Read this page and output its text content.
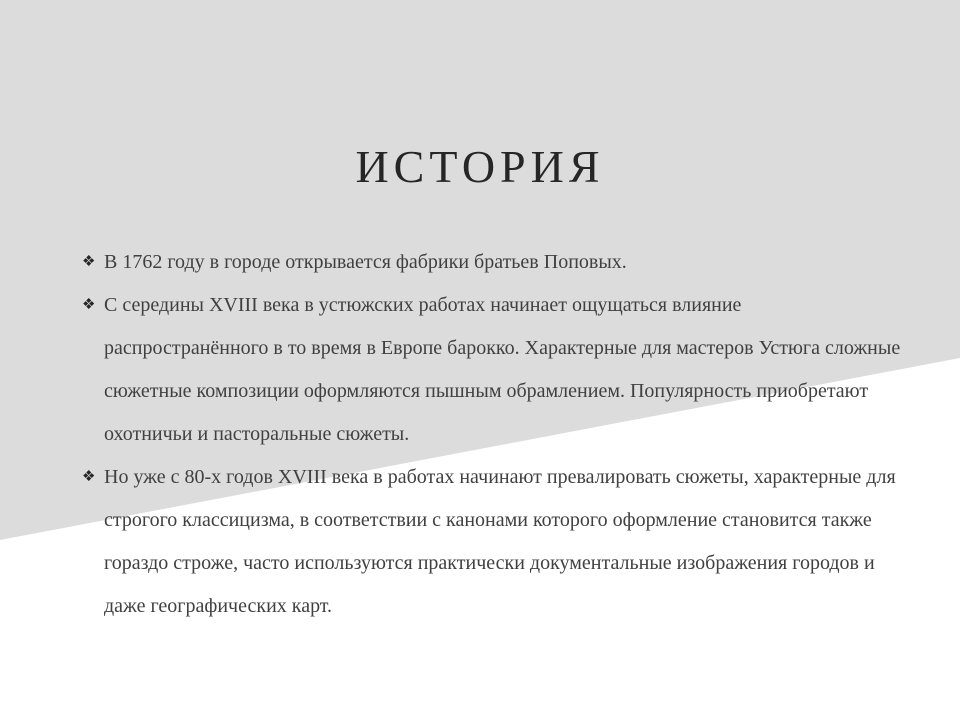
ИСТОРИЯ
❖ В 1762 году в городе открывается фабрики братьев Поповых.
❖ С середины XVIII века в устюжских работах начинает ощущаться влияние распространённого в то время в Европе барокко. Характерные для мастеров Устюга сложные сюжетные композиции оформляются пышным обрамлением. Популярность приобретают охотничьи и пасторальные сюжеты.
❖ Но уже с 80-х годов XVIII века в работах начинают превалировать сюжеты, характерные для строгого классицизма, в соответствии с канонами которого оформление становится также гораздо строже, часто используются практически документальные изображения городов и даже географических карт.
